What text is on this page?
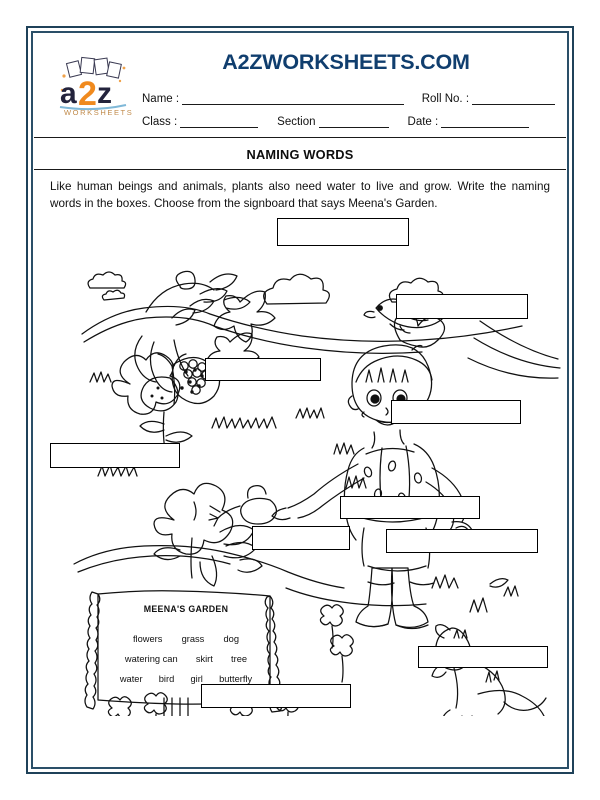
a z
2
WORKSHEETS
A2ZWORKSHEETS.COM
Name :	Roll No. :
Class :	Section	Date :
NAMING WORDS
Like human beings and animals, plants also need water to live and grow. Write the naming words in the boxes. Choose from the signboard that says Meena's Garden.
MEENA'S GARDEN
flowers grass dog
watering can skirt tree
water bird girl butterfly
